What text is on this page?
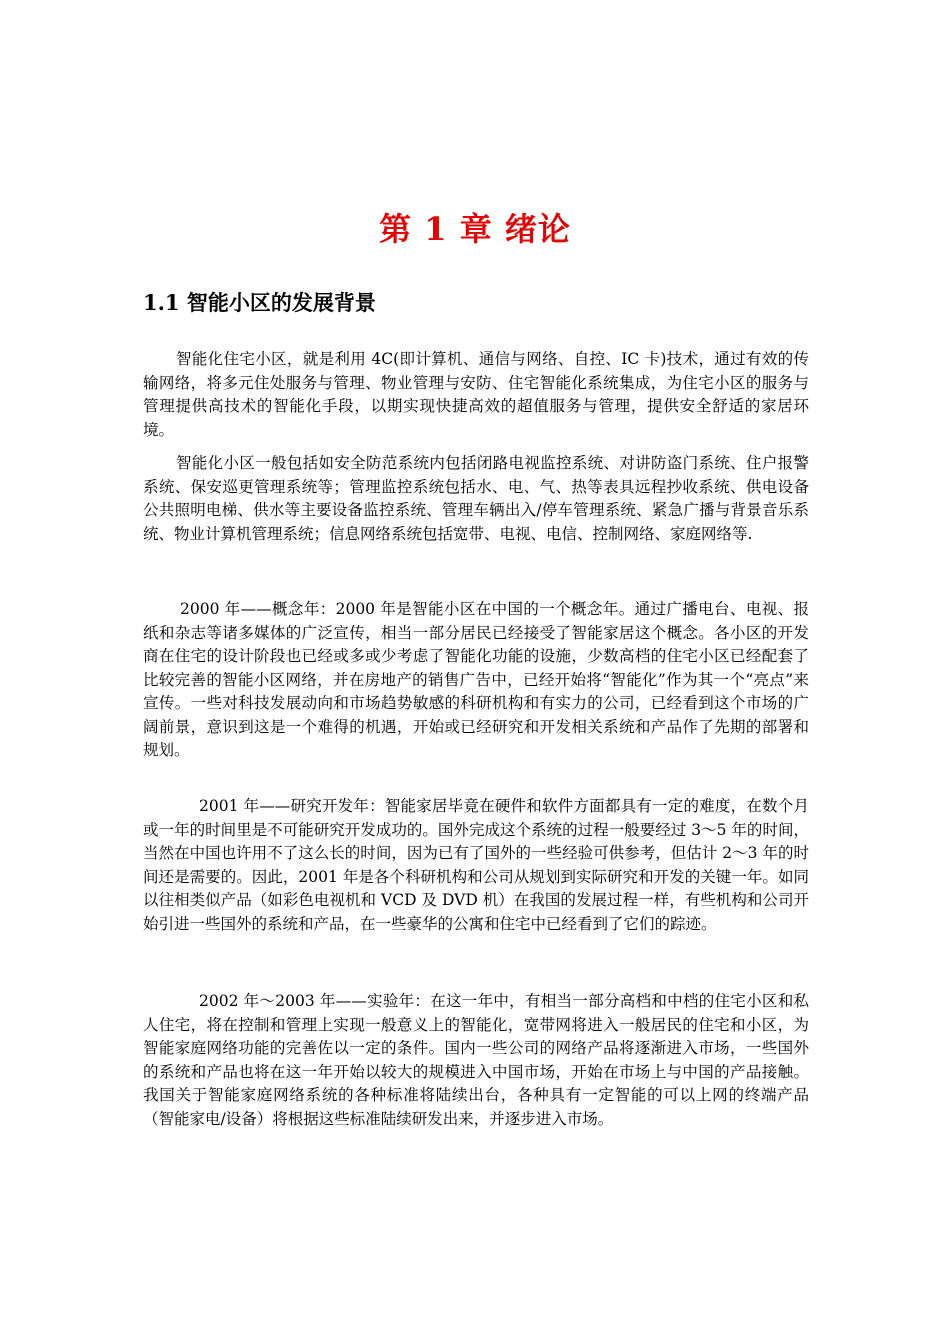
第 1 章 绪论
1.1 智能小区的发展背景

智能化住宅小区，就是利用 4C(即计算机、通信与网络、自控、IC 卡)技术，通过有效的传输网络，将多元住处服务与管理、物业管理与安防、住宅智能化系统集成，为住宅小区的服务与管理提供高技术的智能化手段，以期实现快捷高效的超值服务与管理，提供安全舒适的家居环境。

智能化小区一般包括如安全防范系统内包括闭路电视监控系统、对讲防盗门系统、住户报警系统、保安巡更管理系统等；管理监控系统包括水、电、气、热等表具远程抄收系统、供电设备公共照明电梯、供水等主要设备监控系统、管理车辆出入/停车管理系统、紧急广播与背景音乐系统、物业计算机管理系统；信息网络系统包括宽带、电视、电信、控制网络、家庭网络等.

2000 年——概念年：2000 年是智能小区在中国的一个概念年。通过广播电台、电视、报纸和杂志等诸多媒体的广泛宣传，相当一部分居民已经接受了智能家居这个概念。各小区的开发商在住宅的设计阶段也已经或多或少考虑了智能化功能的设施，少数高档的住宅小区已经配套了比较完善的智能小区网络，并在房地产的销售广告中，已经开始将“智能化”作为其一个“亮点”来宣传。一些对科技发展动向和市场趋势敏感的科研机构和有实力的公司，已经看到这个市场的广阔前景，意识到这是一个难得的机遇，开始或已经研究和开发相关系统和产品作了先期的部署和规划。

2001 年——研究开发年：智能家居毕竟在硬件和软件方面都具有一定的难度，在数个月或一年的时间里是不可能研究开发成功的。国外完成这个系统的过程一般要经过 3～5 年的时间，当然在中国也许用不了这么长的时间，因为已有了国外的一些经验可供参考，但估计 2～3 年的时间还是需要的。因此，2001 年是各个科研机构和公司从规划到实际研究和开发的关键一年。如同以往相类似产品（如彩色电视机和 VCD 及 DVD 机）在我国的发展过程一样，有些机构和公司开始引进一些国外的系统和产品，在一些豪华的公寓和住宅中已经看到了它们的踪迹。

2002 年～2003 年——实验年：在这一年中，有相当一部分高档和中档的住宅小区和私人住宅，将在控制和管理上实现一般意义上的智能化，宽带网将进入一般居民的住宅和小区，为智能家庭网络功能的完善佐以一定的条件。国内一些公司的网络产品将逐渐进入市场，一些国外的系统和产品也将在这一年开始以较大的规模进入中国市场，开始在市场上与中国的产品接触。我国关于智能家庭网络系统的各种标准将陆续出台，各种具有一定智能的可以上网的终端产品（智能家电/设备）将根据这些标准陆续研发出来，并逐步进入市场。
